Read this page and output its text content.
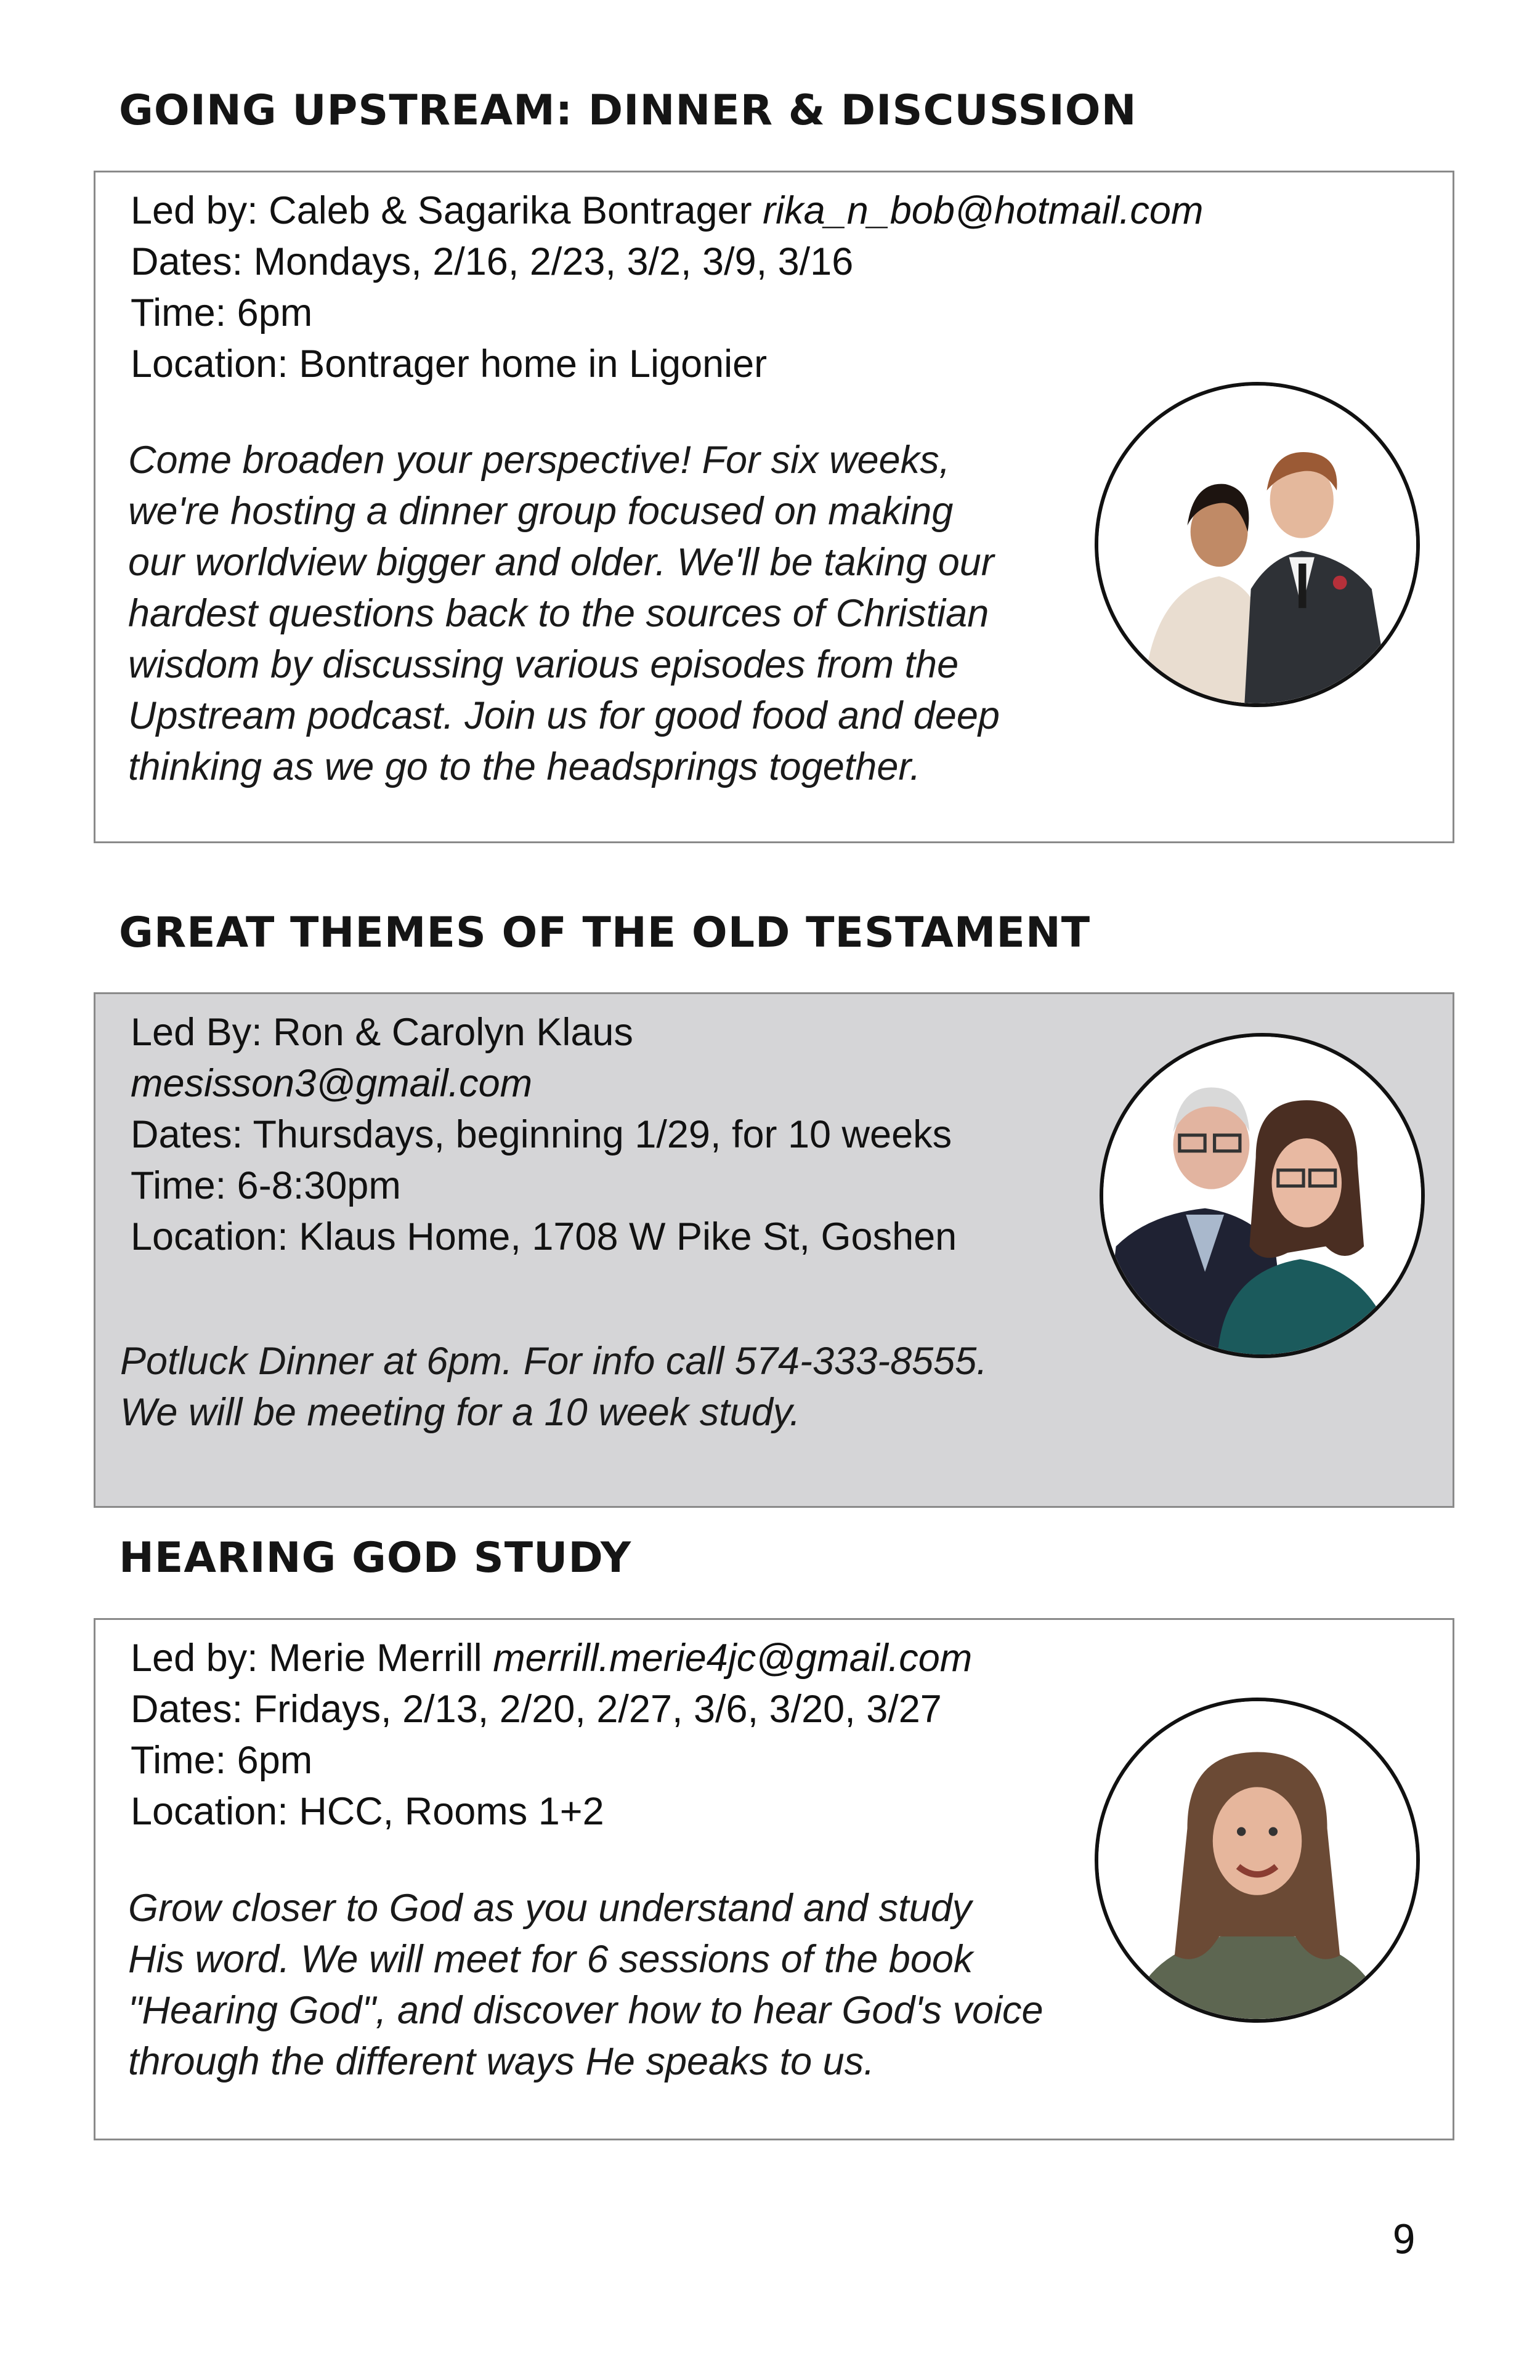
GOING UPSTREAM: DINNER & DISCUSSION

Led by: Caleb & Sagarika Bontrager rika_n_bob@hotmail.com

Dates: Mondays, 2/16, 2/23, 3/2, 3/9, 3/16

Time: 6pm

Location: Bontrager home in Ligonier

Come broaden your perspective! For six weeks,
we're hosting a dinner group focused on making
our worldview bigger and older. We'll be taking our
hardest questions back to the sources of Christian
wisdom by discussing various episodes from the
Upstream podcast. Join us for good food and deep
thinking as we go to the headsprings together.
GREAT THEMES OF THE OLD TESTAMENT

Led By: Ron & Carolyn Klaus

mesisson3@gmail.com

Dates: Thursdays, beginning 1/29, for 10 weeks

Time: 6-8:30pm

Location: Klaus Home, 1708 W Pike St, Goshen

Potluck Dinner at 6pm. For info call 574-333-8555.
We will be meeting for a 10 week study.
HEARING GOD STUDY

Led by: Merie Merrill merrill.merie4jc@gmail.com

Dates: Fridays, 2/13, 2/20, 2/27, 3/6, 3/20, 3/27

Time: 6pm

Location: HCC, Rooms 1+2

Grow closer to God as you understand and study
His word. We will meet for 6 sessions of the book
"Hearing God", and discover how to hear God's voice
through the different ways He speaks to us.
9
